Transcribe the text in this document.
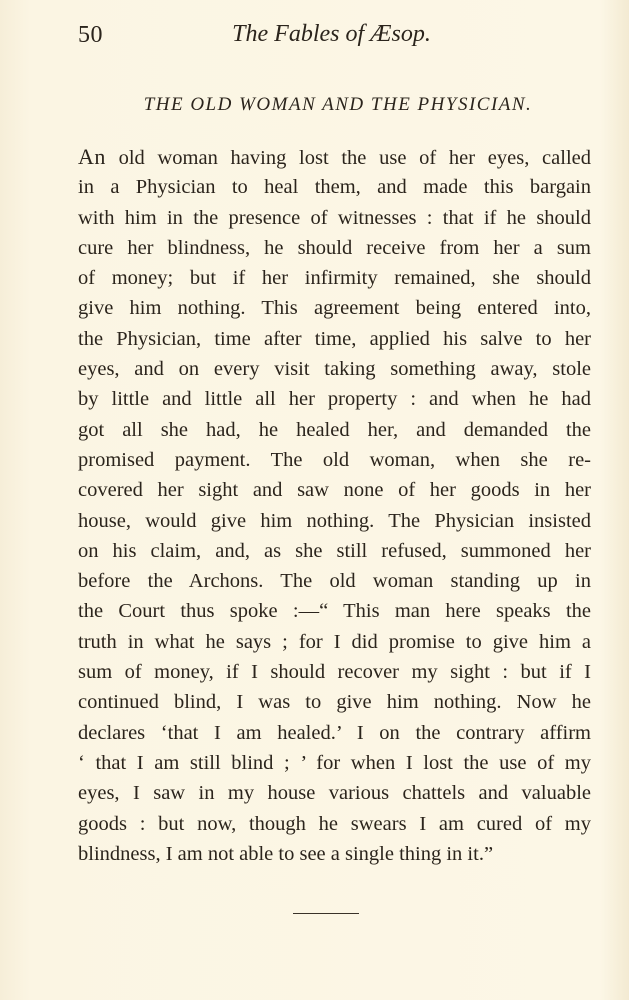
50	The Fables of Æsop.
THE OLD WOMAN AND THE PHYSICIAN.
An old woman having lost the use of her eyes, called
in a Physician to heal them, and made this bargain
with him in the presence of witnesses : that if he should
cure her blindness, he should receive from her a sum
of money; but if her infirmity remained, she should
give him nothing. This agreement being entered into,
the Physician, time after time, applied his salve to her
eyes, and on every visit taking something away, stole
by little and little all her property : and when he had
got all she had, he healed her, and demanded the
promised payment. The old woman, when she re-
covered her sight and saw none of her goods in her
house, would give him nothing. The Physician insisted
on his claim, and, as she still refused, summoned her
before the Archons. The old woman standing up in
the Court thus spoke :—“ This man here speaks the
truth in what he says ; for I did promise to give him a
sum of money, if I should recover my sight : but if I
continued blind, I was to give him nothing. Now he
declares ‘that I am healed.’ I on the contrary affirm
‘ that I am still blind ; ’ for when I lost the use of my
eyes, I saw in my house various chattels and valuable
goods : but now, though he swears I am cured of my
blindness, I am not able to see a single thing in it.”
